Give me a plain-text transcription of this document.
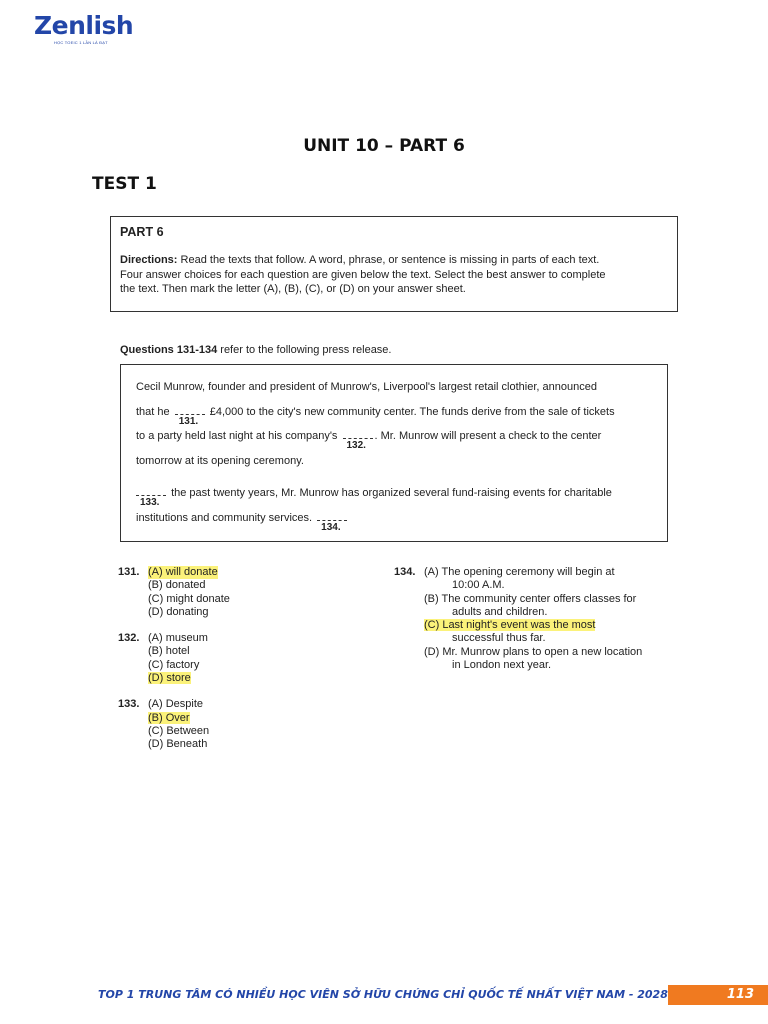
Zenlish
HỌC TOEIC 1 LẦN LÀ ĐẠT
UNIT 10 – PART 6
TEST 1
PART 6

Directions: Read the texts that follow. A word, phrase, or sentence is missing in parts of each text.

Four answer choices for each question are given below the text. Select the best answer to complete

the text. Then mark the letter (A), (B), (C), or (D) on your answer sheet.

Questions 131-134 refer to the following press release.
Cecil Munrow, founder and president of Munrow's, Liverpool's largest retail clothier, announced
that he
131.
£4,000 to the city's new community center. The funds derive from the sale of tickets
to a party held last night at his company's
132.
. Mr. Munrow will present a check to the center
tomorrow at its opening ceremony.
133.
the past twenty years, Mr. Munrow has organized several fund-raising events for charitable
institutions and community services.
134.
131. (A) will donate
(B) donated
(C) might donate
(D) donating
132. (A) museum
(B) hotel
(C) factory
(D) store
133. (A) Despite
(B) Over
(C) Between
(D) Beneath
134. (A) The opening ceremony will begin at
10:00 A.M.
(B) The community center offers classes for
adults and children.
(C) Last night's event was the most
successful thus far.
(D) Mr. Munrow plans to open a new location
in London next year.
TOP 1 TRUNG TÂM CÓ NHIỀU HỌC VIÊN SỞ HỮU CHỨNG CHỈ QUỐC TẾ NHẤT VIỆT NAM - 2028	113
